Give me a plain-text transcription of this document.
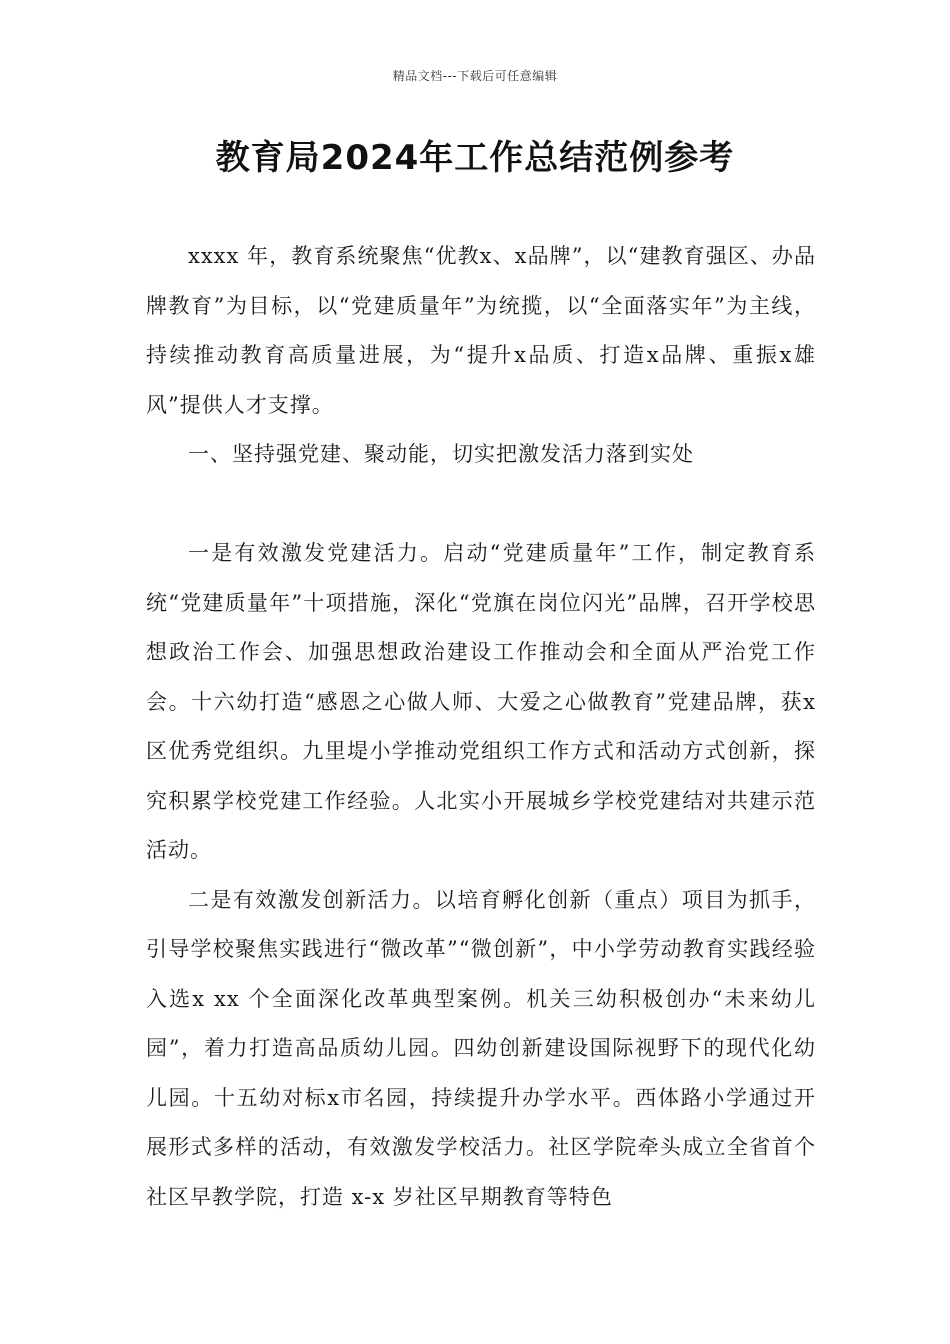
精品文档---下载后可任意编辑
教育局2024年工作总结范例参考

xxxx 年，教育系统聚焦“优教x、x品牌”，以“建教育强区、办品牌教育”为目标，以“党建质量年”为统揽，以“全面落实年”为主线，持续推动教育高质量进展，为“提升x品质、打造x品牌、重振x雄风”提供人才支撑。

一、坚持强党建、聚动能，切实把激发活力落到实处

一是有效激发党建活力。启动“党建质量年”工作，制定教育系统“党建质量年”十项措施，深化“党旗在岗位闪光”品牌，召开学校思想政治工作会、加强思想政治建设工作推动会和全面从严治党工作会。十六幼打造“感恩之心做人师、大爱之心做教育”党建品牌，获x区优秀党组织。九里堤小学推动党组织工作方式和活动方式创新，探究积累学校党建工作经验。人北实小开展城乡学校党建结对共建示范活动。

二是有效激发创新活力。以培育孵化创新（重点）项目为抓手，引导学校聚焦实践进行“微改革”“微创新”，中小学劳动教育实践经验入选x xx 个全面深化改革典型案例。机关三幼积极创办“未来幼儿园”，着力打造高品质幼儿园。四幼创新建设国际视野下的现代化幼儿园。十五幼对标x市名园，持续提升办学水平。西体路小学通过开展形式多样的活动，有效激发学校活力。社区学院牵头成立全省首个社区早教学院，打造 x-x 岁社区早期教育等特色
